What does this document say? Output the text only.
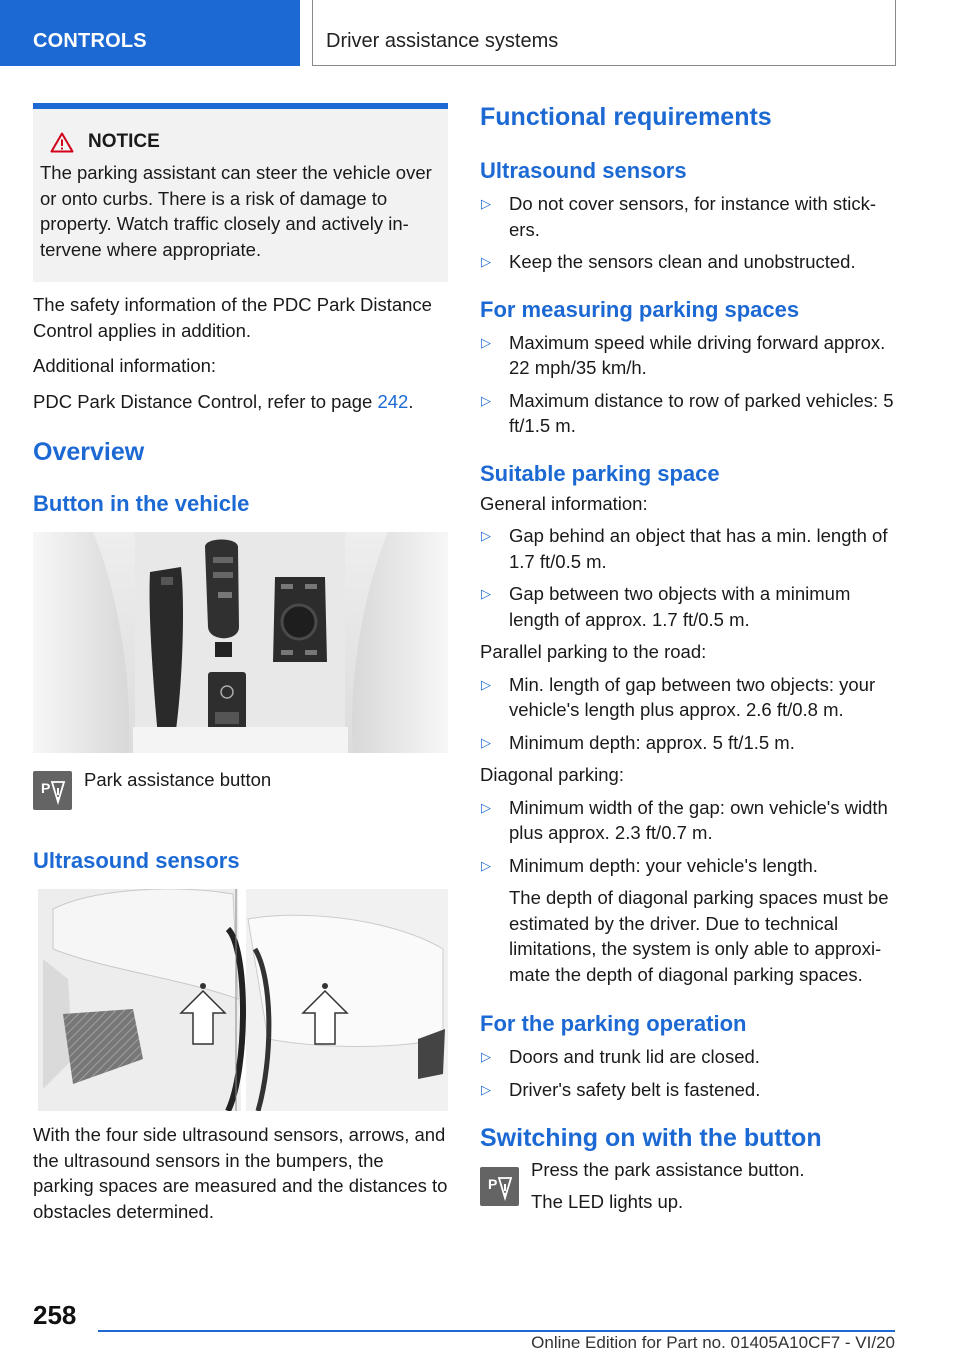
CONTROLS	Driver assistance systems
NOTICE

The parking assistant can steer the vehicle over or onto curbs. There is a risk of damage to property. Watch traffic closely and actively in‐ tervene where appropriate.

The safety information of the PDC Park Distance Control applies in addition.

Additional information:

PDC Park Distance Control, refer to page 242.

Overview
Button in the vehicle
P Park assistance button
Ultrasound sensors

With the four side ultrasound sensors, arrows, and the ultrasound sensors in the bumpers, the parking spaces are measured and the distances to obstacles determined.

Functional requirements
Ultrasound sensors
▷ Do not cover sensors, for instance with stick‐ ers.
▷ Keep the sensors clean and unobstructed.
For measuring parking spaces
▷ Maximum speed while driving forward approx. 22 mph/35 km/h.
▷ Maximum distance to row of parked vehicles: 5 ft/1.5 m.
Suitable parking space

General information:

▷ Gap behind an object that has a min. length of 1.7 ft/0.5 m.
▷ Gap between two objects with a minimum length of approx. 1.7 ft/0.5 m.

Parallel parking to the road:

▷ Min. length of gap between two objects: your vehicle's length plus approx. 2.6 ft/0.8 m.
▷ Minimum depth: approx. 5 ft/1.5 m.

Diagonal parking:

▷ Minimum width of the gap: own vehicle's width plus approx. 2.3 ft/0.7 m.
▷ Minimum depth: your vehicle's length.
The depth of diagonal parking spaces must be estimated by the driver. Due to technical limitations, the system is only able to approxi‐ mate the depth of diagonal parking spaces.
For the parking operation
▷ Doors and trunk lid are closed.
▷ Driver's safety belt is fastened.
Switching on with the button
P

Press the park assistance button.

The LED lights up.

258
Online Edition for Part no. 01405A10CF7 - VI/20
